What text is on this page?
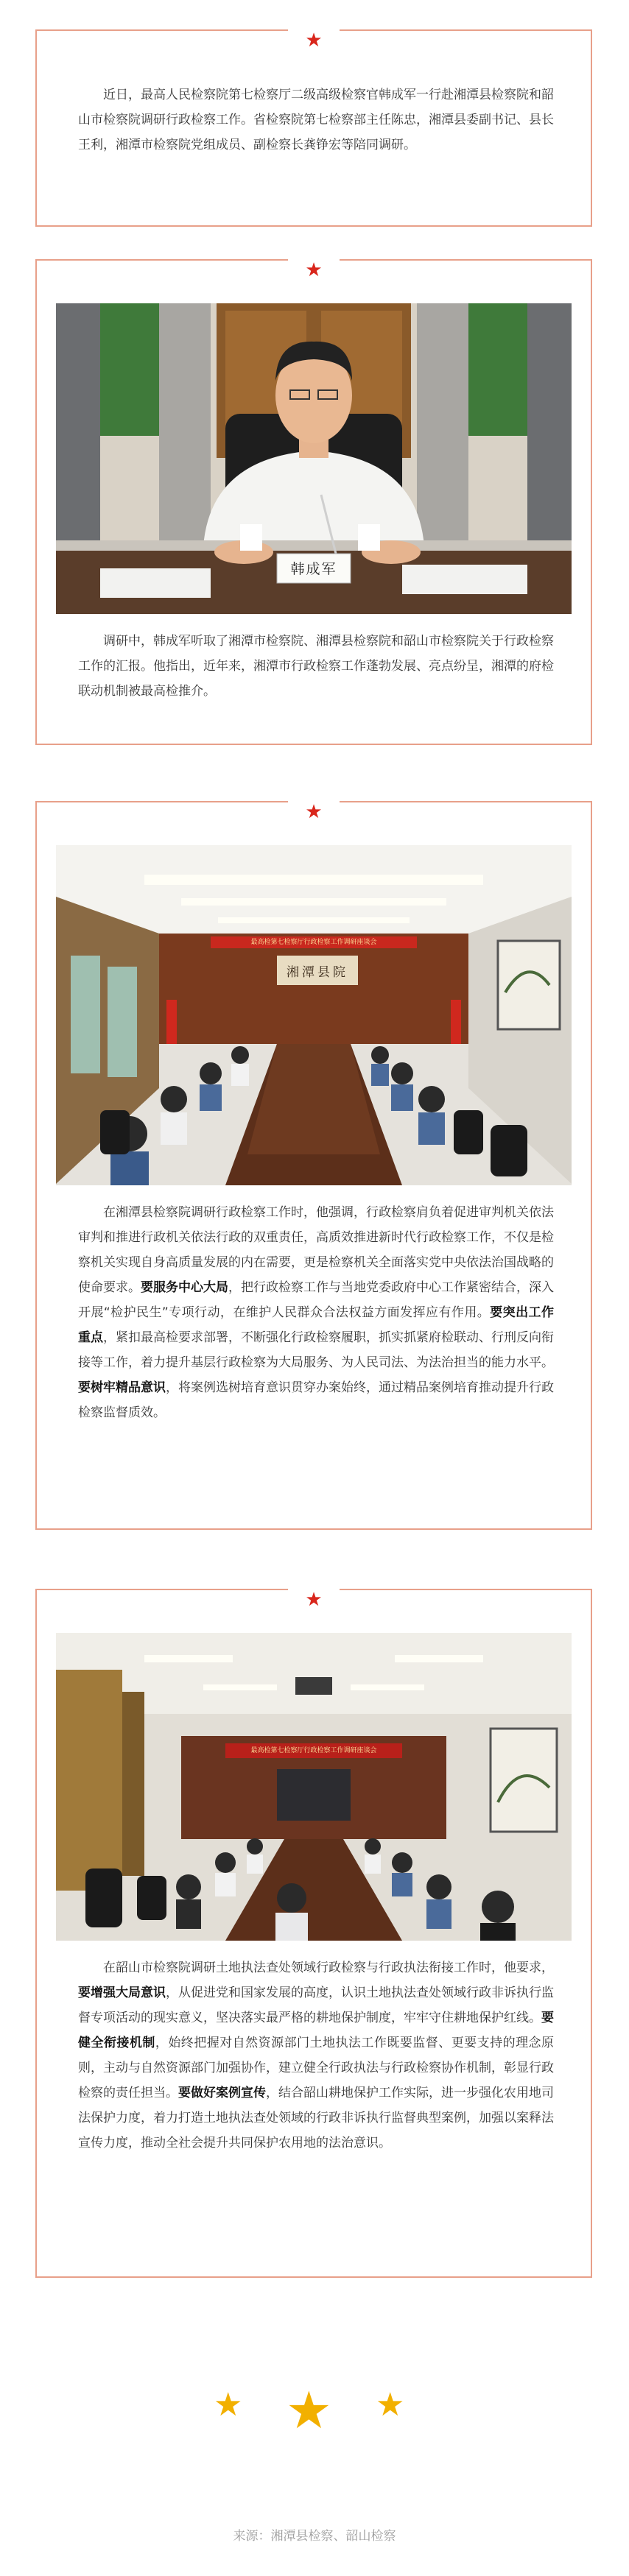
★

近日，最高人民检察院第七检察厅二级高级检察官韩成军一行赴湘潭县检察院和韶山市检察院调研行政检察工作。省检察院第七检察部主任陈忠，湘潭县委副书记、县长王利，湘潭市检察院党组成员、副检察长龚铮宏等陪同调研。

★
韩成军

调研中，韩成军听取了湘潭市检察院、湘潭县检察院和韶山市检察院关于行政检察工作的汇报。他指出，近年来，湘潭市行政检察工作蓬勃发展、亮点纷呈，湘潭的府检联动机制被最高检推介。

★
最高检第七检察厅行政检察工作调研座谈会
湘潭县院

在湘潭县检察院调研行政检察工作时，他强调，行政检察肩负着促进审判机关依法审判和推进行政机关依法行政的双重责任，高质效推进新时代行政检察工作，不仅是检察机关实现自身高质量发展的内在需要，更是检察机关全面落实党中央依法治国战略的使命要求。要服务中心大局，把行政检察工作与当地党委政府中心工作紧密结合，深入开展“检护民生”专项行动，在维护人民群众合法权益方面发挥应有作用。要突出工作重点，紧扣最高检要求部署，不断强化行政检察履职，抓实抓紧府检联动、行刑反向衔接等工作，着力提升基层行政检察为大局服务、为人民司法、为法治担当的能力水平。要树牢精品意识，将案例选树培育意识贯穿办案始终，通过精品案例培育推动提升行政检察监督质效。

★
最高检第七检察厅行政检察工作调研座谈会

在韶山市检察院调研土地执法查处领域行政检察与行政执法衔接工作时，他要求，要增强大局意识，从促进党和国家发展的高度，认识土地执法查处领域行政非诉执行监督专项活动的现实意义，坚决落实最严格的耕地保护制度，牢牢守住耕地保护红线。要健全衔接机制，始终把握对自然资源部门土地执法工作既要监督、更要支持的理念原则，主动与自然资源部门加强协作，建立健全行政执法与行政检察协作机制，彰显行政检察的责任担当。要做好案例宣传，结合韶山耕地保护工作实际，进一步强化农用地司法保护力度，着力打造土地执法查处领域的行政非诉执行监督典型案例，加强以案释法宣传力度，推动全社会提升共同保护农用地的法治意识。

★ ★ ★
来源：湘潭县检察、韶山检察
